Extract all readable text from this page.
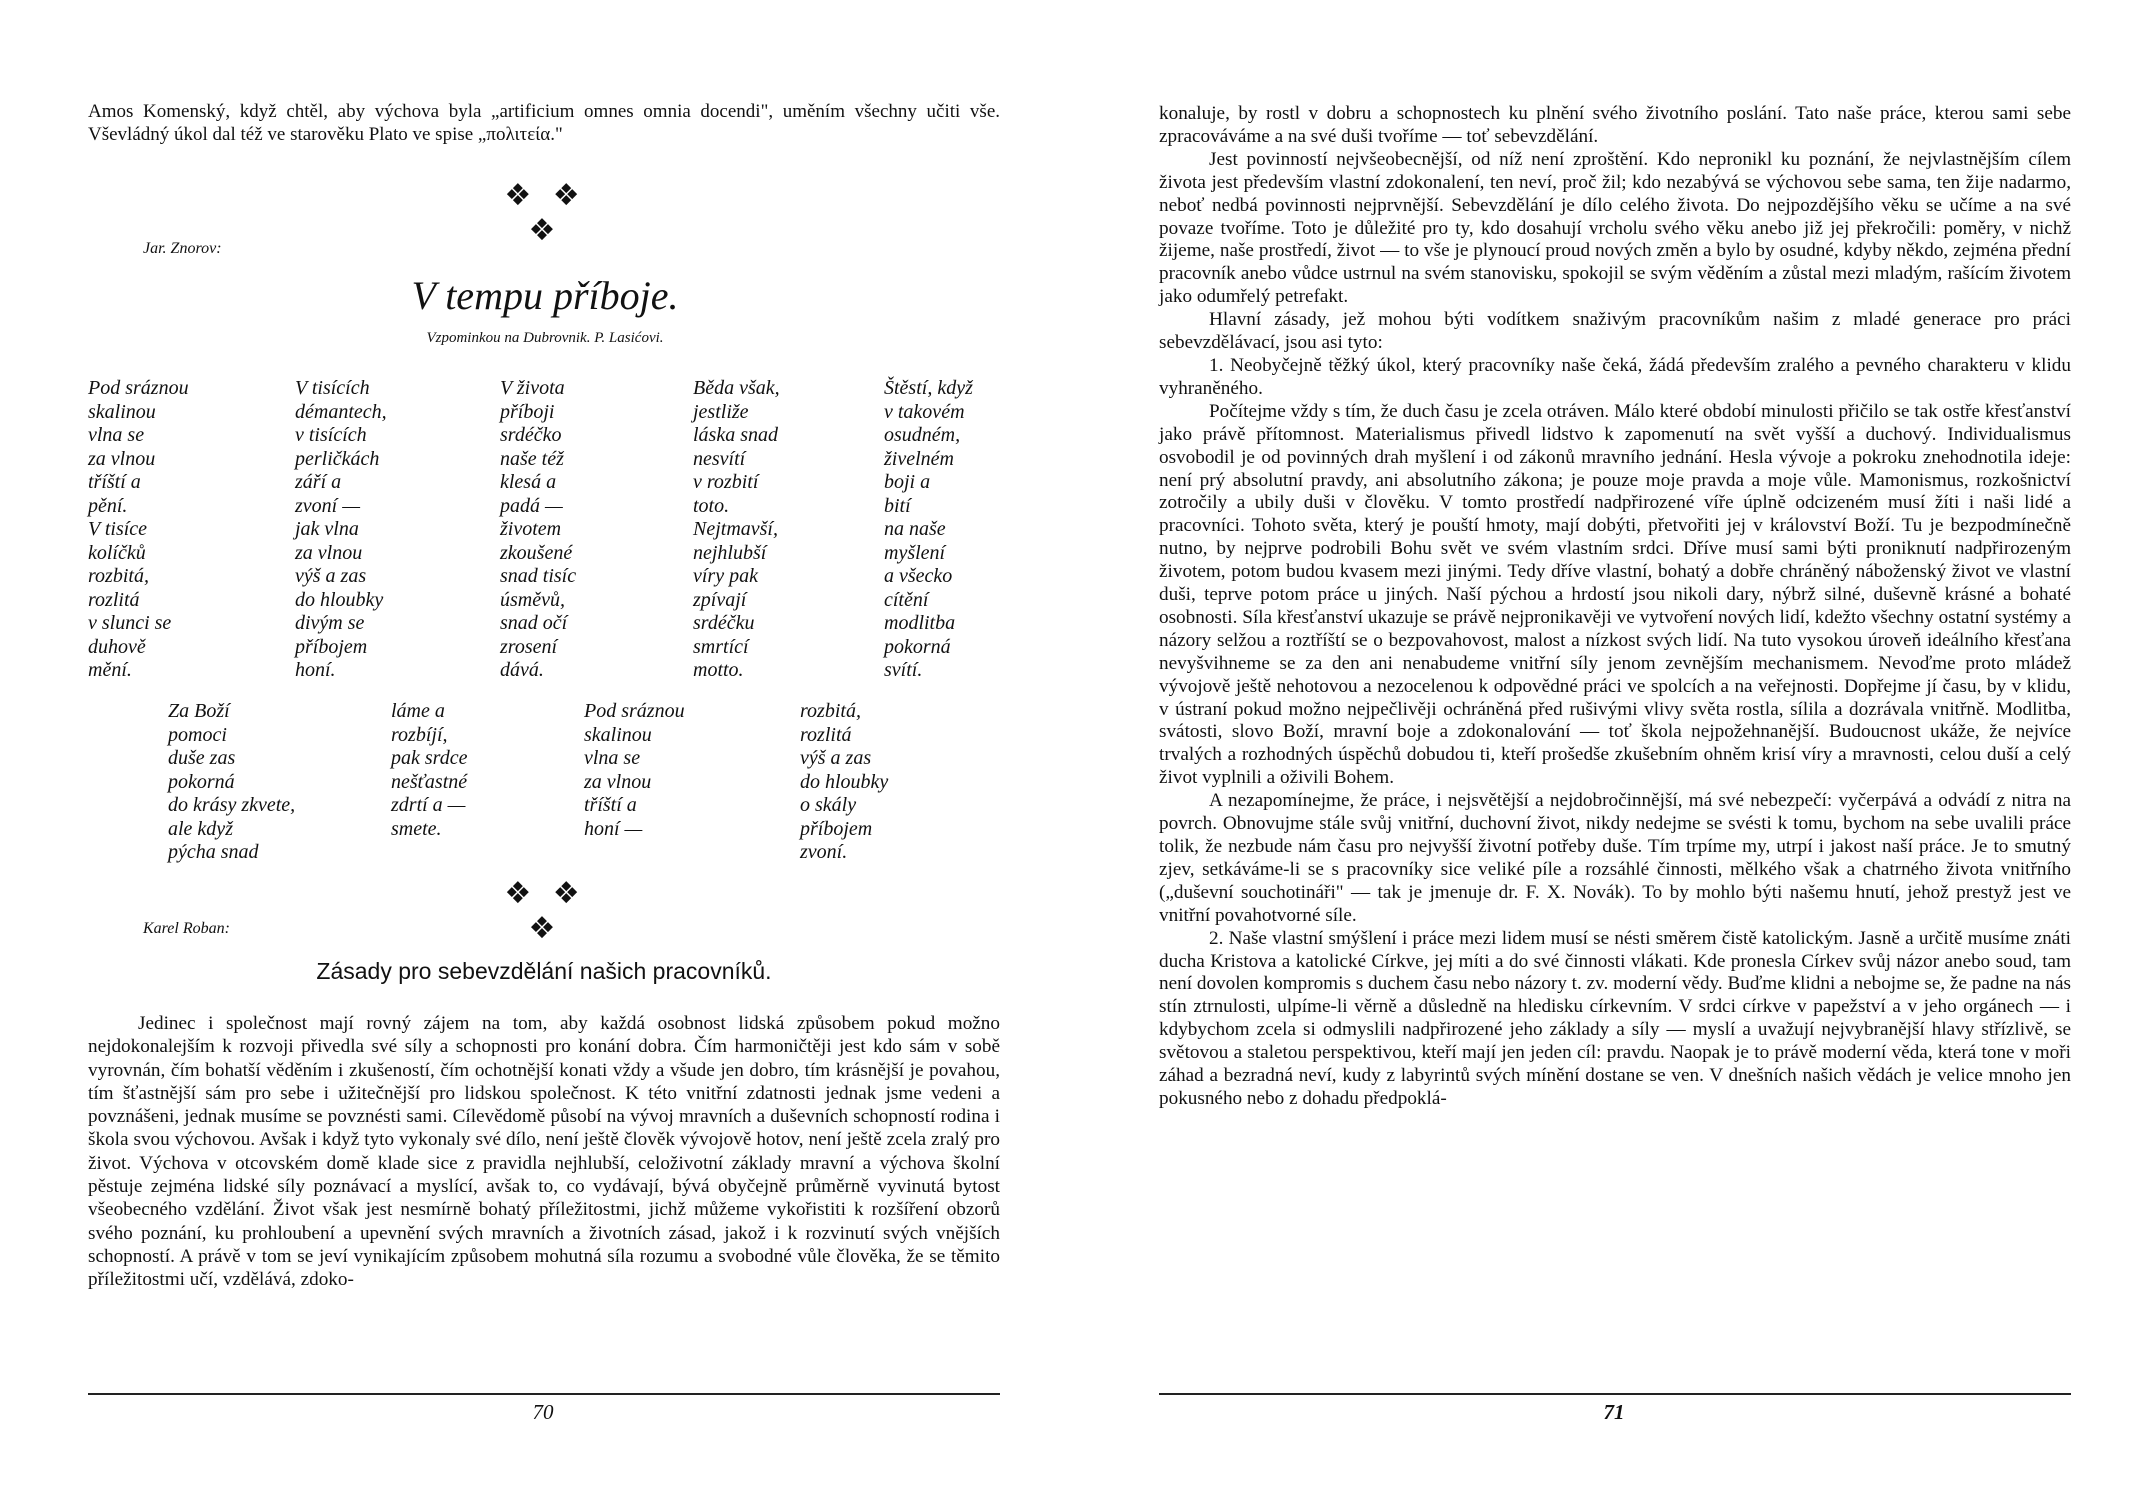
Amos Komenský, když chtěl, aby výchova byla „artificium omnes omnia docendi", uměním všechny učiti vše. Vševládný úkol dal též ve starověku Plato ve spise „πολιτεία."
❖ ❖ ❖
Jar. Znorov:
V tempu příboje.
Vzpominkou na Dubrovnik. P. Lasićovi.
Pod sráznou
skalinou
vlna se
za vlnou
tříští a
pění.
V tisíce
kolíčků
rozbitá,
rozlitá
v slunci se
duhově
mění.
V tisících
démantech,
v tisících
perličkách
září a
zvoní —
jak vlna
za vlnou
výš a zas
do hloubky
divým se
příbojem
honí.
V života
příboji
srdéčko
naše též
klesá a
padá —
životem
zkoušené
snad tisíc
úsměvů,
snad očí
zrosení
dává.
Běda však,
jestliže
láska snad
nesvítí
v rozbití
toto.
Nejtmavší,
nejhlubší
víry pak
zpívají
srdéčku
smrtící
motto.
Štěstí, když
v takovém
osudném,
živelném
boji a
bití
na naše
myšlení
a všecko
cítění
modlitba
pokorná
svítí.
Za Boží
pomoci
duše zas
pokorná
do krásy zkvete,
ale když
pýcha snad
láme a
rozbíjí,
pak srdce
nešťastné
zdrtí a —
smete.
Pod sráznou
skalinou
vlna se
za vlnou
tříští a
honí —
rozbitá,
rozlitá
výš a zas
do hloubky
o skály
příbojem
zvoní.
❖ ❖ ❖
Karel Roban:
Zásady pro sebevzdělání našich pracovníků.

Jedinec i společnost mají rovný zájem na tom, aby každá osobnost lidská způsobem pokud možno nejdokonalejším k rozvoji přivedla své síly a schopnosti pro konání dobra. Čím harmoničtěji jest kdo sám v sobě vyrovnán, čím bohatší věděním i zkušeností, čím ochotnější konati vždy a všude jen dobro, tím krásnější je povahou, tím šťastnější sám pro sebe i užitečnější pro lidskou společnost. K této vnitřní zdatnosti jednak jsme vedeni a povznášeni, jednak musíme se povznésti sami. Cílevědomě působí na vývoj mravních a duševních schopností rodina i škola svou výchovou. Avšak i když tyto vykonaly své dílo, není ještě člověk vývojově hotov, není ještě zcela zralý pro život. Výchova v otcovském domě klade sice z pravidla nejhlubší, celoživotní základy mravní a výchova školní pěstuje zejména lidské síly poznávací a myslící, avšak to, co vydávají, bývá obyčejně průměrně vyvinutá bytost všeobecného vzdělání. Život však jest nesmírně bohatý příležitostmi, jichž můžeme vykořistiti k rozšíření obzorů svého poznání, ku prohloubení a upevnění svých mravních a životních zásad, jakož i k rozvinutí svých vnějších schopností. A právě v tom se jeví vynikajícím způsobem mohutná síla rozumu a svobodné vůle člověka, že se těmito příležitostmi učí, vzdělává, zdoko-

70

konaluje, by rostl v dobru a schopnostech ku plnění svého životního poslání. Tato naše práce, kterou sami sebe zpracováváme a na své duši tvoříme — toť sebevzdělání.

Jest povinností nejvšeobecnější, od níž není zproštění. Kdo nepronikl ku poznání, že nejvlastnějším cílem života jest především vlastní zdokonalení, ten neví, proč žil; kdo nezabývá se výchovou sebe sama, ten žije nadarmo, neboť nedbá povinnosti nejprvnější. Sebevzdělání je dílo celého života. Do nejpozdějšího věku se učíme a na své povaze tvoříme. Toto je důležité pro ty, kdo dosahují vrcholu svého věku anebo již jej překročili: poměry, v nichž žijeme, naše prostředí, život — to vše je plynoucí proud nových změn a bylo by osudné, kdyby někdo, zejména přední pracovník anebo vůdce ustrnul na svém stanovisku, spokojil se svým věděním a zůstal mezi mladým, rašícím životem jako odumřelý petrefakt.

Hlavní zásady, jež mohou býti vodítkem snaživým pracovníkům našim z mladé generace pro práci sebevzdělávací, jsou asi tyto:

1. Neobyčejně těžký úkol, který pracovníky naše čeká, žádá především zralého a pevného charakteru v klidu vyhraněného.

Počítejme vždy s tím, že duch času je zcela otráven. Málo které období minulosti přičilo se tak ostře křesťanství jako právě přítomnost. Materialismus přivedl lidstvo k zapomenutí na svět vyšší a duchový. Individualismus osvobodil je od povinných drah myšlení i od zákonů mravního jednání. Hesla vývoje a pokroku znehodnotila ideje: není prý absolutní pravdy, ani absolutního zákona; je pouze moje pravda a moje vůle. Mamonismus, rozkošnictví zotročily a ubily duši v člověku. V tomto prostředí nadpřirozené víře úplně odcizeném musí žíti i naši lidé a pracovníci. Tohoto světa, který je pouští hmoty, mají dobýti, přetvořiti jej v království Boží. Tu je bezpodmínečně nutno, by nejprve podrobili Bohu svět ve svém vlastním srdci. Dříve musí sami býti proniknutí nadpřirozeným životem, potom budou kvasem mezi jinými. Tedy dříve vlastní, bohatý a dobře chráněný náboženský život ve vlastní duši, teprve potom práce u jiných. Naší pýchou a hrdostí jsou nikoli dary, nýbrž silné, duševně krásné a bohaté osobnosti. Síla křesťanství ukazuje se právě nejpronikavěji ve vytvoření nových lidí, kdežto všechny ostatní systémy a názory selžou a roztříští se o bezpovahovost, malost a nízkost svých lidí. Na tuto vysokou úroveň ideálního křesťana nevyšvihneme se za den ani nenabudeme vnitřní síly jenom zevnějším mechanismem. Nevoďme proto mládež vývojově ještě nehotovou a nezocelenou k odpovědné práci ve spolcích a na veřejnosti. Dopřejme jí času, by v klidu, v ústraní pokud možno nejpečlivěji ochráněná před rušivými vlivy světa rostla, sílila a dozrávala vnitřně. Modlitba, svátosti, slovo Boží, mravní boje a zdokonalování — toť škola nejpožehnanější. Budoucnost ukáže, že nejvíce trvalých a rozhodných úspěchů dobudou ti, kteří prošedše zkušebním ohněm krisí víry a mravnosti, celou duší a celý život vyplnili a oživili Bohem.

A nezapomínejme, že práce, i nejsvětější a nejdobročinnější, má své nebezpečí: vyčerpává a odvádí z nitra na povrch. Obnovujme stále svůj vnitřní, duchovní život, nikdy nedejme se svésti k tomu, bychom na sebe uvalili práce tolik, že nezbude nám času pro nejvyšší životní potřeby duše. Tím trpíme my, utrpí i jakost naší práce. Je to smutný zjev, setkáváme-li se s pracovníky sice veliké píle a rozsáhlé činnosti, mělkého však a chatrného života vnitřního („duševní souchotináři" — tak je jmenuje dr. F. X. Novák). To by mohlo býti našemu hnutí, jehož prestyž jest ve vnitřní povahotvorné síle.

2. Naše vlastní smýšlení i práce mezi lidem musí se nésti směrem čistě katolickým. Jasně a určitě musíme znáti ducha Kristova a katolické Církve, jej míti a do své činnosti vlákati. Kde pronesla Církev svůj názor anebo soud, tam není dovolen kompromis s duchem času nebo názory t. zv. moderní vědy. Buďme klidni a nebojme se, že padne na nás stín ztrnulosti, ulpíme-li věrně a důsledně na hledisku církevním. V srdci církve v papežství a v jeho orgánech — i kdybychom zcela si odmyslili nadpřirozené jeho základy a síly — myslí a uvažují nejvybranější hlavy střízlivě, se světovou a staletou perspektivou, kteří mají jen jeden cíl: pravdu. Naopak je to právě moderní věda, která tone v moři záhad a bezradná neví, kudy z labyrintů svých mínění dostane se ven. V dnešních našich vědách je velice mnoho jen pokusného nebo z dohadu předpoklá-

71
